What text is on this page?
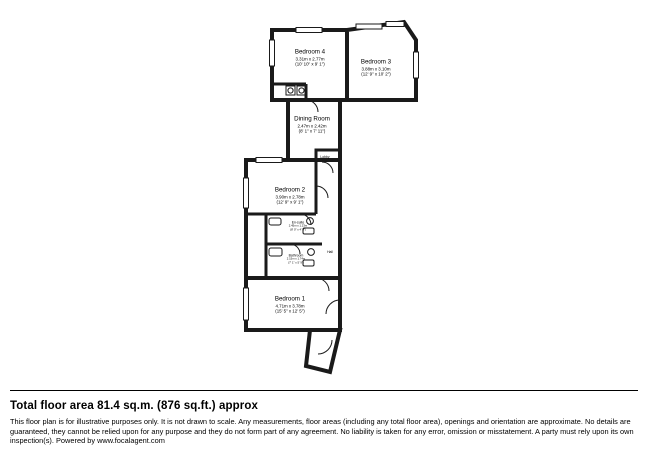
Bedroom 4
3.31m x 2.77m
(10' 10" x 9' 1")	Bedroom 3
3.88m x 3.10m
(12' 9" x 10' 2")
Dining Room
2.47m x 2.42m
(8' 1" x 7' 11")
Lobby
Bedroom 2
3.90m x 2.78m
(12' 9" x 9' 1")
En-suite
2.45m x 1.23m
(8' 0" x 4' 0")
Bathroom
2.15m x 1.74m
(7' 1" x 5' 9")
Hall
Bedroom 1
4.71m x 3.78m
(15' 5" x 12' 5")
Total floor area 81.4 sq.m. (876 sq.ft.) approx
This floor plan is for illustrative purposes only. It is not drawn to scale. Any measurements, floor areas (including any total floor area), openings and orientation are approximate. No details are guaranteed, they cannot be relied upon for any purpose and they do not form part of any agreement. No liability is taken for any error, omission or misstatement. A party must rely upon its own inspection(s). Powered by www.focalagent.com
